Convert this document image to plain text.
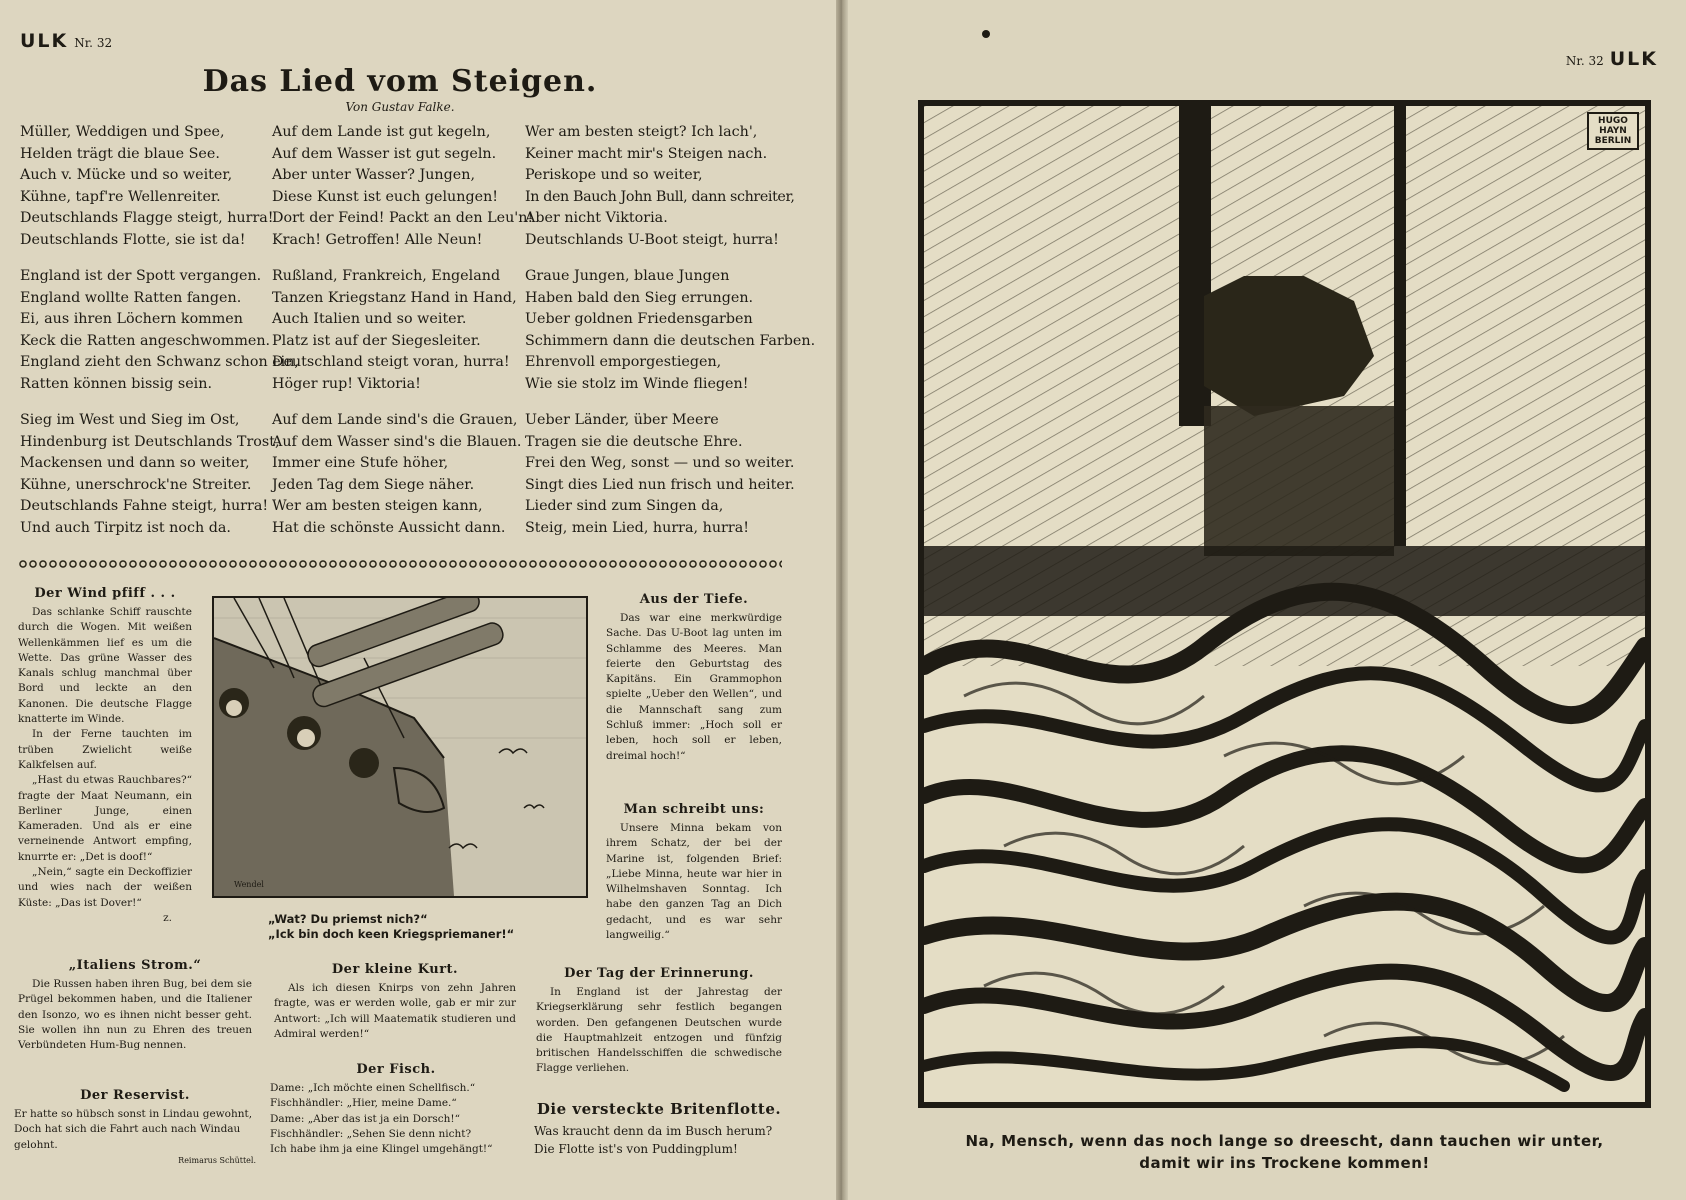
ULK Nr. 32
Das Lied vom Steigen.
Von Gustav Falke.
Müller, Weddigen und Spee,
Helden trägt die blaue See.
Auch v. Mücke und so weiter,
Kühne, tapf're Wellenreiter.
Deutschlands Flagge steigt, hurra!
Deutschlands Flotte, sie ist da!
England ist der Spott vergangen.
England wollte Ratten fangen.
Ei, aus ihren Löchern kommen
Keck die Ratten angeschwommen.
England zieht den Schwanz schon ein,
Ratten können bissig sein.
Sieg im West und Sieg im Ost,
Hindenburg ist Deutschlands Trost,
Mackensen und dann so weiter,
Kühne, unerschrock'ne Streiter.
Deutschlands Fahne steigt, hurra!
Und auch Tirpitz ist noch da.
Auf dem Lande ist gut kegeln,
Auf dem Wasser ist gut segeln.
Aber unter Wasser? Jungen,
Diese Kunst ist euch gelungen!
Dort der Feind! Packt an den Leu'n!
Krach! Getroffen! Alle Neun!
Rußland, Frankreich, Engeland
Tanzen Kriegstanz Hand in Hand,
Auch Italien und so weiter.
Platz ist auf der Siegesleiter.
Deutschland steigt voran, hurra!
Höger rup! Viktoria!
Auf dem Lande sind's die Grauen,
Auf dem Wasser sind's die Blauen.
Immer eine Stufe höher,
Jeden Tag dem Siege näher.
Wer am besten steigen kann,
Hat die schönste Aussicht dann.
Wer am besten steigt? Ich lach',
Keiner macht mir's Steigen nach.
Periskope und so weiter,
In den Bauch John Bull, dann schreiter,
Aber nicht Viktoria.
Deutschlands U-Boot steigt, hurra!
Graue Jungen, blaue Jungen
Haben bald den Sieg errungen.
Ueber goldnen Friedensgarben
Schimmern dann die deutschen Farben.
Ehrenvoll emporgestiegen,
Wie sie stolz im Winde fliegen!
Ueber Länder, über Meere
Tragen sie die deutsche Ehre.
Frei den Weg, sonst — und so weiter.
Singt dies Lied nun frisch und heiter.
Lieder sind zum Singen da,
Steig, mein Lied, hurra, hurra!
Der Wind pfiff . . .

Das schlanke Schiff rauschte durch die Wogen. Mit weißen Wellenkämmen lief es um die Wette. Das grüne Wasser des Kanals schlug manchmal über Bord und leckte an den Kanonen. Die deutsche Flagge knatterte im Winde.

In der Ferne tauchten im trüben Zwielicht weiße Kalkfelsen auf.

„Hast du etwas Rauchbares?“ fragte der Maat Neumann, ein Berliner Junge, einen Kameraden. Und als er eine verneinende Antwort empfing, knurrte er: „Det is doof!“

„Nein,“ sagte ein Deckoffizier und wies nach der weißen Küste: „Das ist Dover!“

z.
Wendel
„Wat? Du priemst nich?“
„Ick bin doch keen Kriegspriemaner!“
Aus der Tiefe.

Das war eine merkwürdige Sache. Das U-Boot lag unten im Schlamme des Meeres. Man feierte den Geburtstag des Kapitäns. Ein Grammophon spielte „Ueber den Wellen“, und die Mannschaft sang zum Schluß immer: „Hoch soll er leben, hoch soll er leben, dreimal hoch!“

Man schreibt uns:

Unsere Minna bekam von ihrem Schatz, der bei der Marine ist, folgenden Brief: „Liebe Minna, heute war hier in Wilhelmshaven Sonntag. Ich habe den ganzen Tag an Dich gedacht, und es war sehr langweilig.“

„Italiens Strom.“

Die Russen haben ihren Bug, bei dem sie Prügel bekommen haben, und die Italiener den Isonzo, wo es ihnen nicht besser geht. Sie wollen ihn nun zu Ehren des treuen Verbündeten Hum-Bug nennen.

Der Reservist.
Er hatte so hübsch sonst in Lindau gewohnt,
Doch hat sich die Fahrt auch nach Windau gelohnt.
Reimarus Schüttel.
Der kleine Kurt.

Als ich diesen Knirps von zehn Jahren fragte, was er werden wolle, gab er mir zur Antwort: „Ich will Maatematik studieren und Admiral werden!“

Der Fisch.
Dame: „Ich möchte einen Schellfisch.“
Fischhändler: „Hier, meine Dame.“
Dame: „Aber das ist ja ein Dorsch!“
Fischhändler: „Sehen Sie denn nicht?
Ich habe ihm ja eine Klingel umgehängt!“
Der Tag der Erinnerung.

In England ist der Jahrestag der Kriegserklärung sehr festlich begangen worden. Den gefangenen Deutschen wurde die Hauptmahlzeit entzogen und fünfzig britischen Handelsschiffen die schwedische Flagge verliehen.

Die versteckte Britenflotte.
Was kraucht denn da im Busch herum?
Die Flotte ist's von Puddingplum!
Nr. 32 ULK
HUGO
HAYN
BERLIN
Na, Mensch, wenn das noch lange so dreescht, dann tauchen wir unter,
damit wir ins Trockene kommen!
